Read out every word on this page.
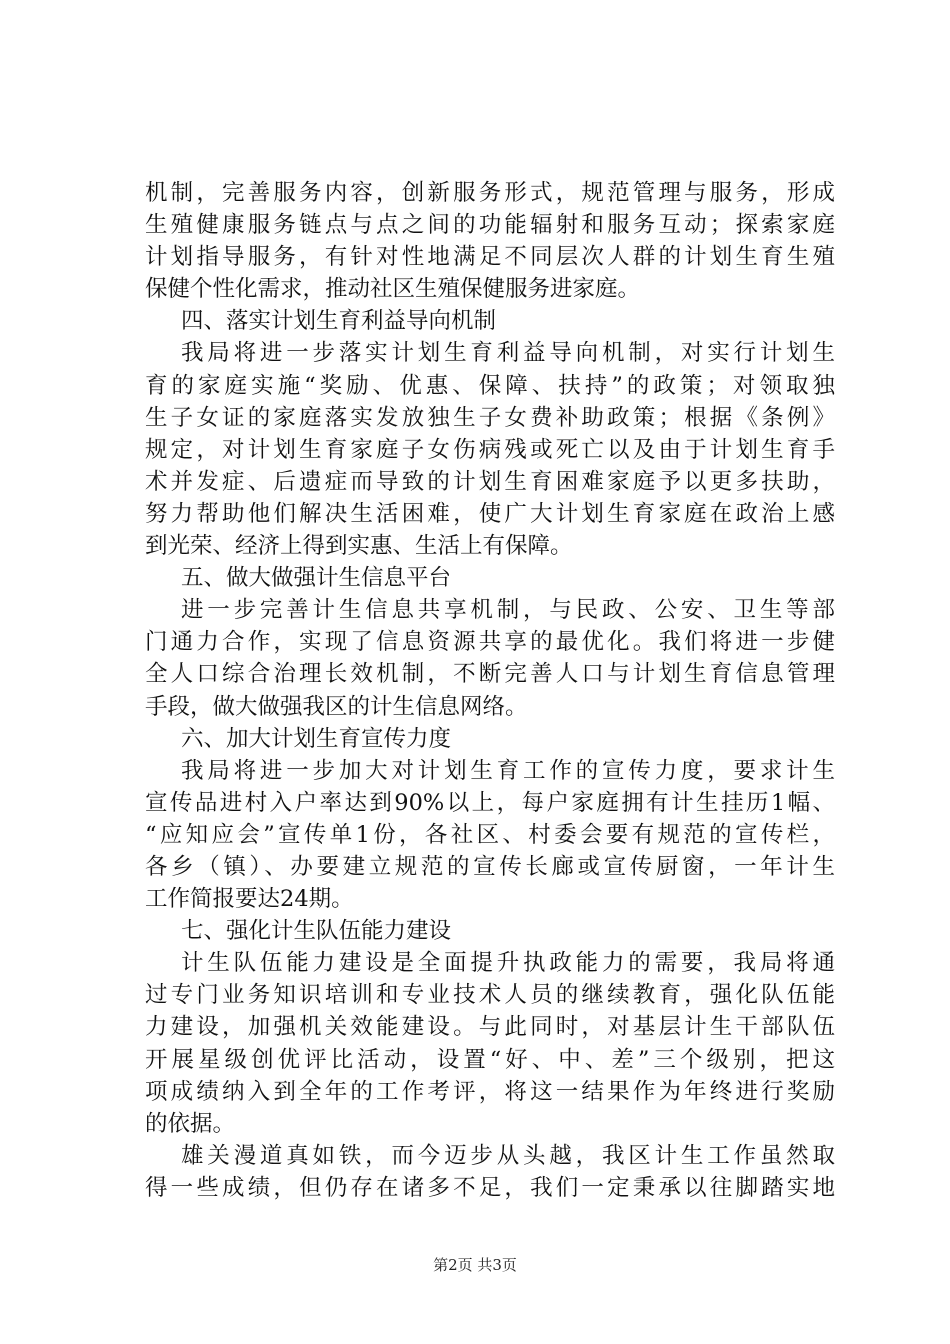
机制，完善服务内容，创新服务形式，规范管理与服务，形成
生殖健康服务链点与点之间的功能辐射和服务互动；探索家庭
计划指导服务，有针对性地满足不同层次人群的计划生育生殖
保健个性化需求，推动社区生殖保健服务进家庭。
四、落实计划生育利益导向机制
我局将进一步落实计划生育利益导向机制，对实行计划生
育的家庭实施“奖励、优惠、保障、扶持”的政策；对领取独
生子女证的家庭落实发放独生子女费补助政策；根据《条例》
规定，对计划生育家庭子女伤病残或死亡以及由于计划生育手
术并发症、后遗症而导致的计划生育困难家庭予以更多扶助，
努力帮助他们解决生活困难，使广大计划生育家庭在政治上感
到光荣、经济上得到实惠、生活上有保障。
五、做大做强计生信息平台
进一步完善计生信息共享机制，与民政、公安、卫生等部
门通力合作，实现了信息资源共享的最优化。我们将进一步健
全人口综合治理长效机制，不断完善人口与计划生育信息管理
手段，做大做强我区的计生信息网络。
六、加大计划生育宣传力度
我局将进一步加大对计划生育工作的宣传力度，要求计生
宣传品进村入户率达到90%以上，每户家庭拥有计生挂历1幅、
“应知应会”宣传单1份，各社区、村委会要有规范的宣传栏，
各乡（镇）、办要建立规范的宣传长廊或宣传厨窗，一年计生
工作简报要达24期。
七、强化计生队伍能力建设
计生队伍能力建设是全面提升执政能力的需要，我局将通
过专门业务知识培训和专业技术人员的继续教育，强化队伍能
力建设，加强机关效能建设。与此同时，对基层计生干部队伍
开展星级创优评比活动，设置“好、中、差”三个级别，把这
项成绩纳入到全年的工作考评，将这一结果作为年终进行奖励
的依据。
雄关漫道真如铁，而今迈步从头越，我区计生工作虽然取
得一些成绩，但仍存在诸多不足，我们一定秉承以往脚踏实地
第2页 共3页
